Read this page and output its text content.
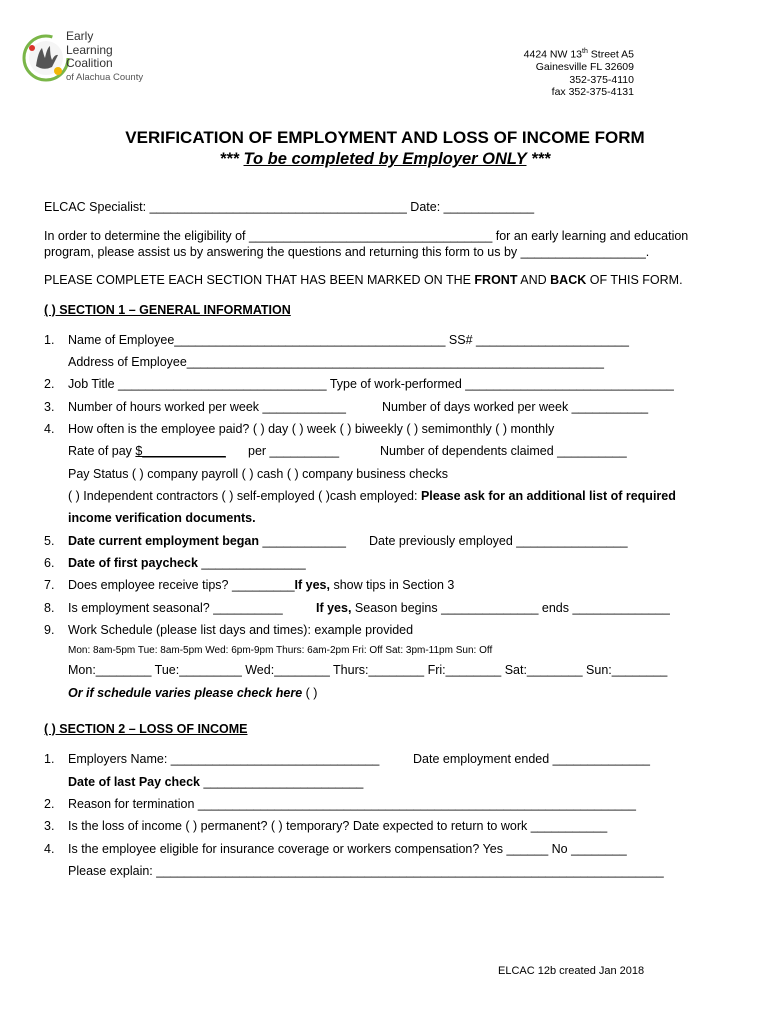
Early
Learning
Coalition
of Alachua County
4424 NW 13th Street A5
Gainesville FL 32609
352-375-4110
fax 352-375-4131
VERIFICATION OF EMPLOYMENT AND LOSS OF INCOME FORM
*** To be completed by Employer ONLY ***
ELCAC Specialist: _____________________________________ Date: _____________
In order to determine the eligibility of ___________________________________ for an early learning and education
program, please assist us by answering the questions and returning this form to us by __________________.
PLEASE COMPLETE EACH SECTION THAT HAS BEEN MARKED ON THE FRONT AND BACK OF THIS FORM.
( ) SECTION 1 – GENERAL INFORMATION
1. Name of Employee_______________________________________ SS# ______________________
Address of Employee____________________________________________________________
2. Job Title ______________________________ Type of work-performed ______________________________
3. Number of hours worked per week ____________	Number of days worked per week ___________
4. How often is the employee paid? ( ) day ( ) week ( ) biweekly ( ) semimonthly ( ) monthly
Rate of pay $____________ per __________	Number of dependents claimed __________
Pay Status ( ) company payroll ( ) cash ( ) company business checks
( ) Independent contractors ( ) self-employed ( )cash employed: Please ask for an additional list of required
income verification documents.
5. Date current employment began ____________ Date previously employed ________________
6. Date of first paycheck _______________
7. Does employee receive tips? _________If yes, show tips in Section 3
8. Is employment seasonal? __________	If yes, Season begins ______________ ends ______________
9. Work Schedule (please list days and times): example provided
Mon: 8am-5pm Tue: 8am-5pm Wed: 6pm-9pm Thurs: 6am-2pm Fri: Off Sat: 3pm-11pm Sun: Off
Mon:________ Tue:_________ Wed:________ Thurs:________ Fri:________ Sat:________ Sun:________
Or if schedule varies please check here ( )
( ) SECTION 2 – LOSS OF INCOME
1. Employers Name: ______________________________	Date employment ended ______________
Date of last Pay check _______________________
2. Reason for termination _______________________________________________________________
3. Is the loss of income ( ) permanent? ( ) temporary? Date expected to return to work ___________
4. Is the employee eligible for insurance coverage or workers compensation? Yes ______ No ________
Please explain: _________________________________________________________________________
ELCAC 12b created Jan 2018
